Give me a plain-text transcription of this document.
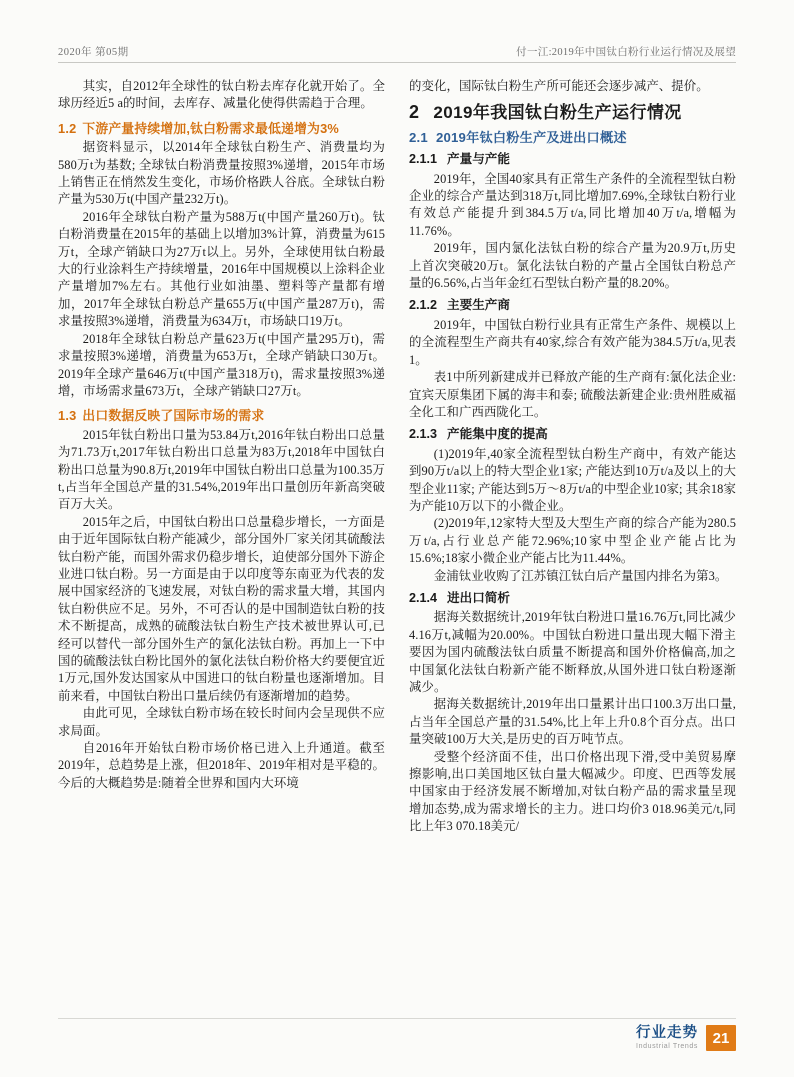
2020年 第05期	付一江:2019年中国钛白粉行业运行情况及展望

其实，自2012年全球性的钛白粉去库存化就开始了。全球历经近5 a的时间，去库存、减量化使得供需趋于合理。

1.2 下游产量持续增加,钛白粉需求最低递增为3%

据资料显示，以2014年全球钛白粉生产、消费量均为580万t为基数; 全球钛白粉消费量按照3%递增，2015年市场上销售正在悄然发生变化，市场价格跌人谷底。全球钛白粉产量为530万t(中国产量232万t)。

2016年全球钛白粉产量为588万t(中国产量260万t)。钛白粉消费量在2015年的基础上以增加3%计算，消费量为615万t，全球产销缺口为27万t以上。另外，全球使用钛白粉最大的行业涂料生产持续增量，2016年中国规模以上涂料企业产量增加7%左右。其他行业如油墨、塑料等产量都有增加，2017年全球钛白粉总产量655万t(中国产量287万t)，需求量按照3%递增，消费量为634万t，市场缺口19万t。

2018年全球钛白粉总产量623万t(中国产量295万t)，需求量按照3%递增，消费量为653万t，全球产销缺口30万t。2019年全球产量646万t(中国产量318万t)，需求量按照3%递增，市场需求量673万t，全球产销缺口27万t。

1.3 出口数据反映了国际市场的需求

2015年钛白粉出口量为53.84万t,2016年钛白粉出口总量为71.73万t,2017年钛白粉出口总量为83万t,2018年中国钛白粉出口总量为90.8万t,2019年中国钛白粉出口总量为100.35万t,占当年全国总产量的31.54%,2019年出口量创历年新高突破百万大关。

2015年之后，中国钛白粉出口总量稳步增长，一方面是由于近年国际钛白粉产能减少，部分国外厂家关闭其硫酸法钛白粉产能，而国外需求仍稳步增长，迫使部分国外下游企业进口钛白粉。另一方面是由于以印度等东南亚为代表的发展中国家经济的飞速发展，对钛白粉的需求量大增，其国内钛白粉供应不足。另外，不可否认的是中国制造钛白粉的技术不断提高，成熟的硫酸法钛白粉生产技术被世界认可,已经可以替代一部分国外生产的氯化法钛白粉。再加上一下中国的硫酸法钛白粉比国外的氯化法钛白粉价格大约要便宜近1万元,国外发达国家从中国进口的钛白粉量也逐渐增加。目前来看，中国钛白粉出口量后续仍有逐渐增加的趋势。

由此可见，全球钛白粉市场在较长时间内会呈现供不应求局面。

自2016年开始钛白粉市场价格已进入上升通道。截至2019年，总趋势是上涨，但2018年、2019年相对是平稳的。今后的大概趋势是:随着全世界和国内大环境

的变化，国际钛白粉生产所可能还会逐步减产、提价。

2 2019年我国钛白粉生产运行情况
2.1 2019年钛白粉生产及进出口概述
2.1.1 产量与产能

2019年，全国40家具有正常生产条件的全流程型钛白粉企业的综合产量达到318万t,同比增加7.69%,全球钛白粉行业有效总产能提升到384.5万t/a,同比增加40万t/a,增幅为11.76%。

2019年，国内氯化法钛白粉的综合产量为20.9万t,历史上首次突破20万t。氯化法钛白粉的产量占全国钛白粉总产量的6.56%,占当年金红石型钛白粉产量的8.20%。

2.1.2 主要生产商

2019年，中国钛白粉行业具有正常生产条件、规模以上的全流程型生产商共有40家,综合有效产能为384.5万t/a,见表1。

表1中所列新建成并已释放产能的生产商有:氯化法企业: 宜宾天原集团下属的海丰和泰; 硫酸法新建企业:贵州胜威福全化工和广西西陇化工。

2.1.3 产能集中度的提高

(1)2019年,40家全流程型钛白粉生产商中，有效产能达到90万t/a以上的特大型企业1家; 产能达到10万t/a及以上的大型企业11家; 产能达到5万～8万t/a的中型企业10家; 其余18家为产能10万以下的小微企业。

(2)2019年,12家特大型及大型生产商的综合产能为280.5万t/a,占行业总产能72.96%;10家中型企业产能占比为15.6%;18家小微企业产能占比为11.44%。

金浦钛业收购了江苏镇江钛白后产量国内排名为第3。

2.1.4 进出口简析

据海关数据统计,2019年钛白粉进口量16.76万t,同比减少4.16万t,减幅为20.00%。中国钛白粉进口量出现大幅下滑主要因为国内硫酸法钛白质量不断提高和国外价格偏高,加之中国氯化法钛白粉新产能不断释放,从国外进口钛白粉逐渐减少。

据海关数据统计,2019年出口量累计出口100.3万出口量,占当年全国总产量的31.54%,比上年上升0.8个百分点。出口量突破100万大关,是历史的百万吨节点。

受整个经济面不佳，出口价格出现下滑,受中美贸易摩擦影响,出口美国地区钛白量大幅减少。印度、巴西等发展中国家由于经济发展不断增加,对钛白粉产品的需求量呈现增加态势,成为需求增长的主力。进口均价3 018.96美元/t,同比上年3 070.18美元/

行业走势
Industrial Trends 21
